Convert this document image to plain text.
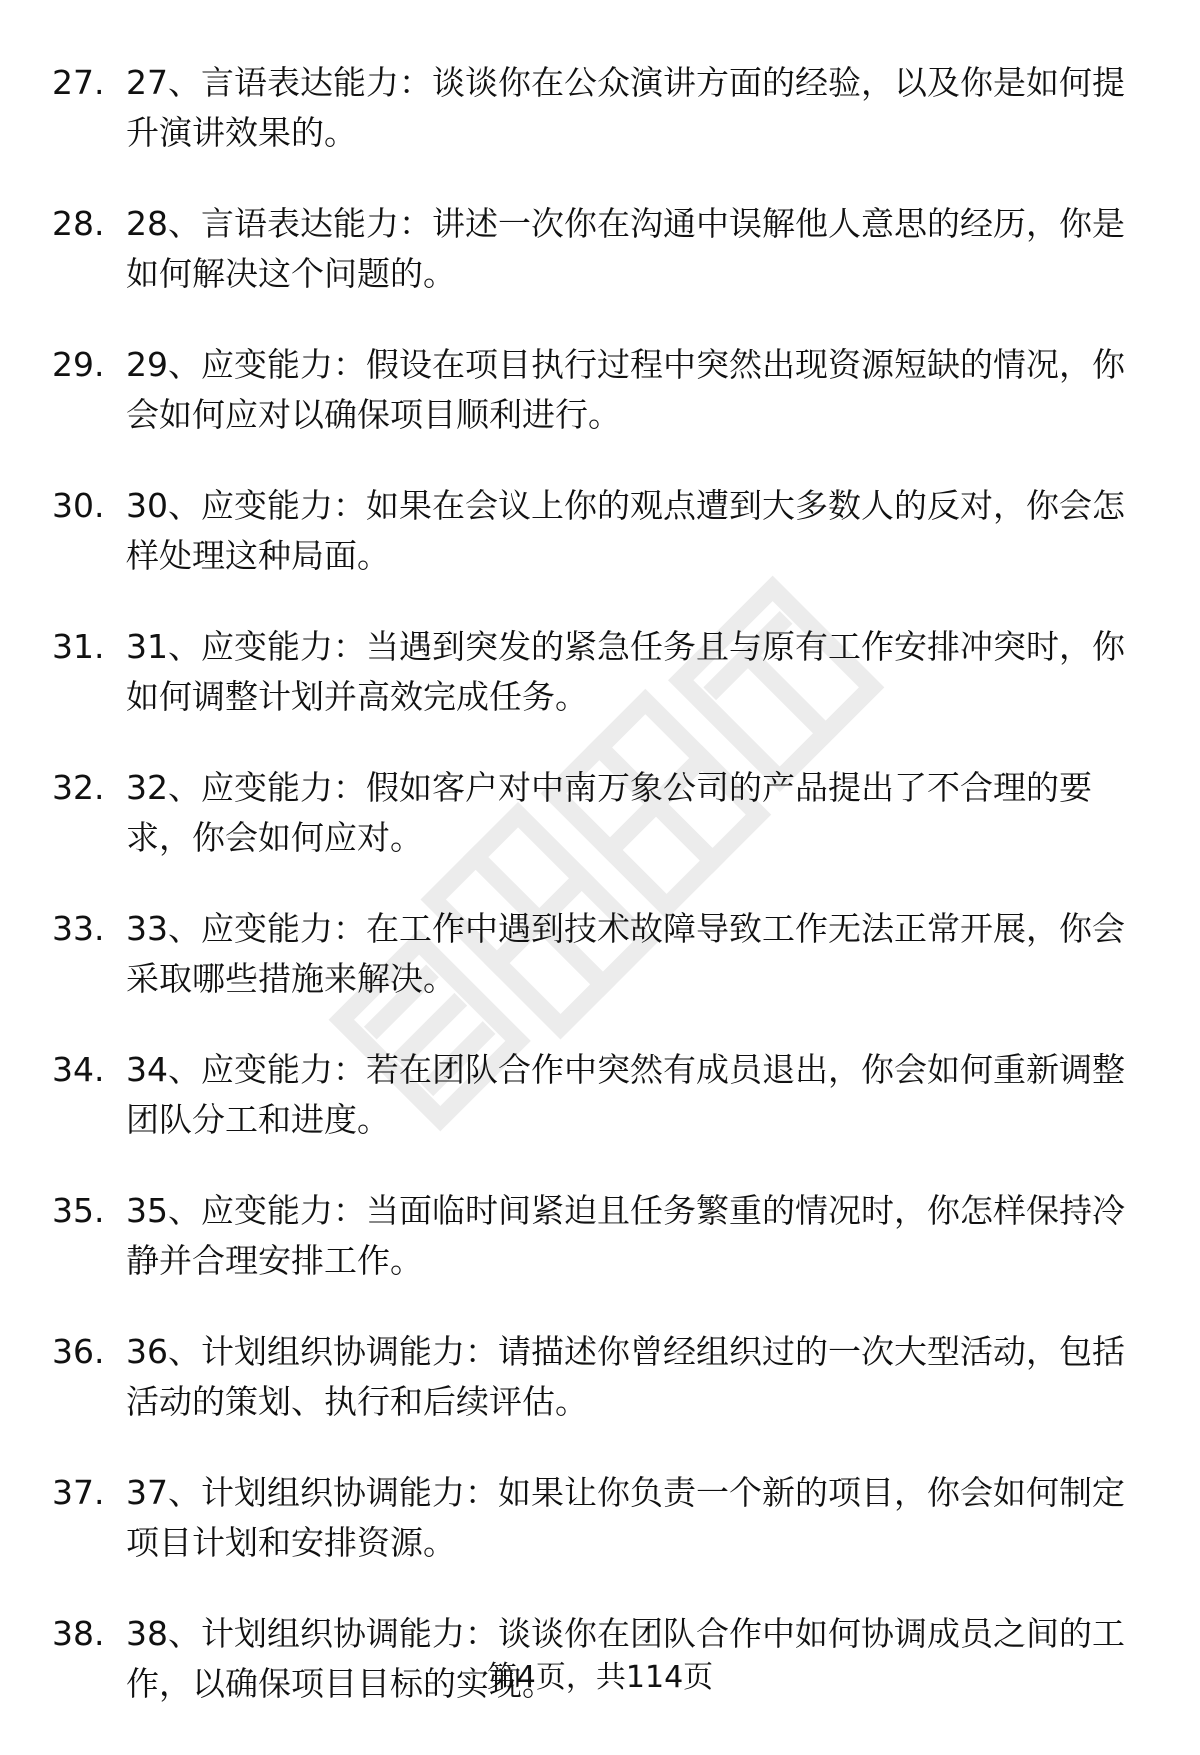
27. 27、言语表达能力：谈谈你在公众演讲方面的经验，以及你是如何提升演讲效果的。
28. 28、言语表达能力：讲述一次你在沟通中误解他人意思的经历，你是如何解决这个问题的。
29. 29、应变能力：假设在项目执行过程中突然出现资源短缺的情况，你会如何应对以确保项目顺利进行。
30. 30、应变能力：如果在会议上你的观点遭到大多数人的反对，你会怎样处理这种局面。
31. 31、应变能力：当遇到突发的紧急任务且与原有工作安排冲突时，你如何调整计划并高效完成任务。
32. 32、应变能力：假如客户对中南万象公司的产品提出了不合理的要求，你会如何应对。
33. 33、应变能力：在工作中遇到技术故障导致工作无法正常开展，你会采取哪些措施来解决。
34. 34、应变能力：若在团队合作中突然有成员退出，你会如何重新调整团队分工和进度。
35. 35、应变能力：当面临时间紧迫且任务繁重的情况时，你怎样保持冷静并合理安排工作。
36. 36、计划组织协调能力：请描述你曾经组织过的一次大型活动，包括活动的策划、执行和后续评估。
37. 37、计划组织协调能力：如果让你负责一个新的项目，你会如何制定项目计划和安排资源。
38. 38、计划组织协调能力：谈谈你在团队合作中如何协调成员之间的工作，以确保项目目标的实现。
第4页，共114页
